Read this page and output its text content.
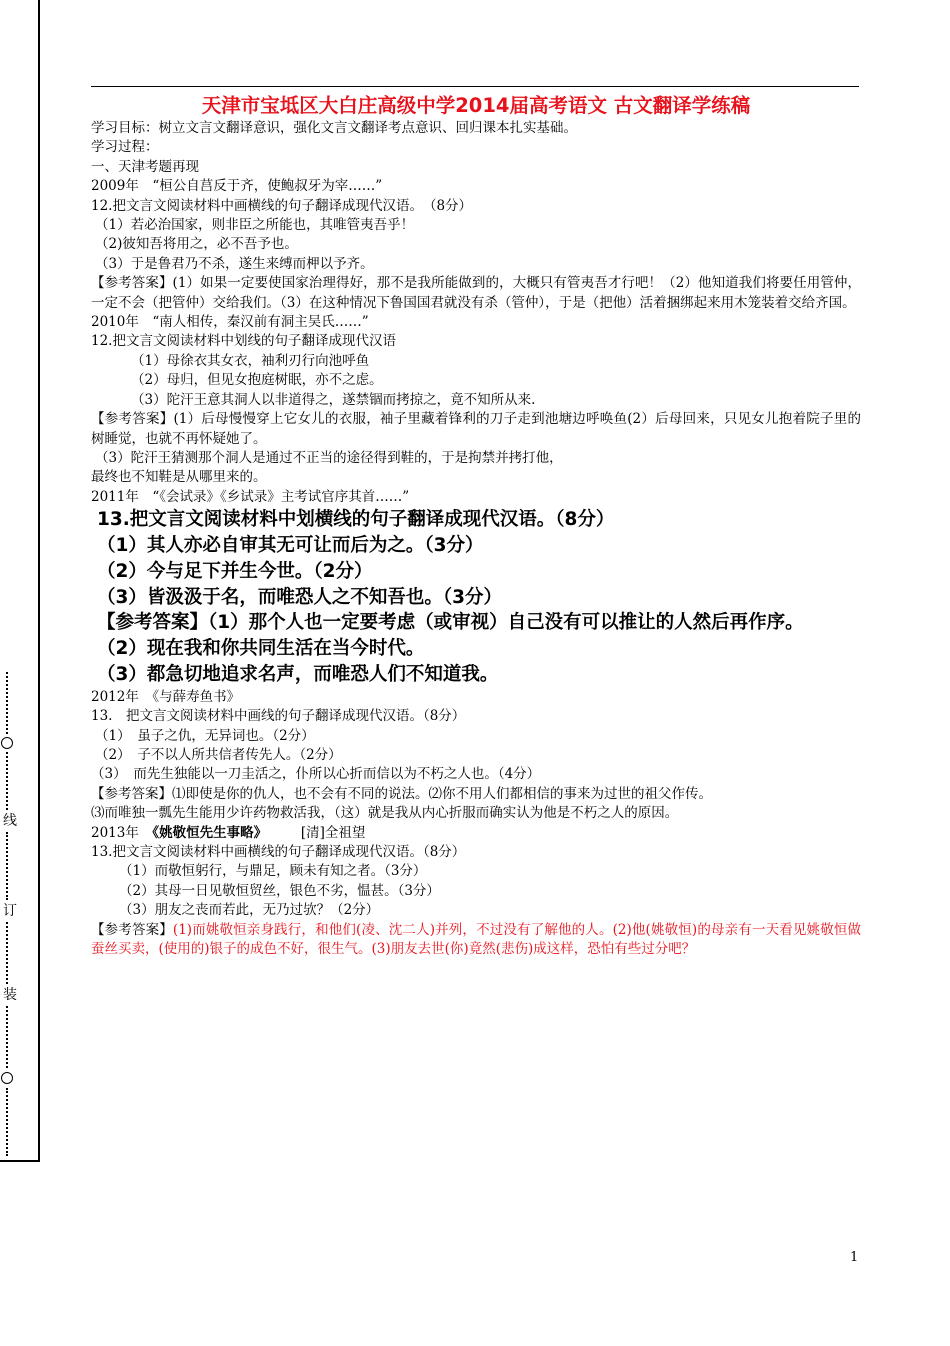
线
订
装
天津市宝坻区大白庄高级中学2014届高考语文 古文翻译学练稿
学习目标：树立文言文翻译意识，强化文言文翻译考点意识、回归课本扎实基础。
学习过程：
一、天津考题再现
2009年　“桓公自莒反于齐，使鲍叔牙为宰……”
12.把文言文阅读材料中画横线的句子翻译成现代汉语。　（8分）
（1）若必治国家，则非臣之所能也，其唯管夷吾乎！
（2)彼知吾将用之，必不吾予也。
（3）于是鲁君乃不杀，遂生来缚而柙以予齐。
【参考答案】(1）如果一定要使国家治理得好，那不是我所能做到的，大概只有管夷吾才行吧！（2）他知道我们将要任用管仲，一定不会（把管仲）交给我们。（3）在这种情况下鲁国国君就没有杀（管仲），于是（把他）活着捆绑起来用木笼装着交给齐国。
2010年　“南人相传，秦汉前有洞主吴氏……”
12.把文言文阅读材料中划线的句子翻译成现代汉语
（1）母徐衣其女衣，袖利刃行向池呼鱼
（2）母归，但见女抱庭树眠，亦不之虑。
（3）陀汗王意其洞人以非道得之，遂禁锢而拷掠之，竟不知所从来.
【参考答案】(1）后母慢慢穿上它女儿的衣服，袖子里藏着锋利的刀子走到池塘边呼唤鱼(2）后母回来，只见女儿抱着院子里的树睡觉，也就不再怀疑她了。
（3）陀汗王猜测那个洞人是通过不正当的途径得到鞋的，于是拘禁并拷打他，
最终也不知鞋是从哪里来的。
2011年　“《会试录》《乡试录》主考试官序其首……”
13.把文言文阅读材料中划横线的句子翻译成现代汉语。（8分）
（1）其人亦必自审其无可让而后为之。（3分）
（2）今与足下并生今世。（2分）
（3）皆汲汲于名，而唯恐人之不知吾也。（3分）
【参考答案】（1）那个人也一定要考虑（或审视）自己没有可以推让的人然后再作序。
（2）现在我和你共同生活在当今时代。
（3）都急切地追求名声，而唯恐人们不知道我。
2012年　《与薛寿鱼书》
13.　把文言文阅读材料中画线的句子翻译成现代汉语。（8分）
（1）　虽子之仇，无异词也。（2分）
（2）　子不以人所共信者传先人。（2分）
（3）　而先生独能以一刀圭活之，仆所以心折而信以为不朽之人也。（4分）
【参考答案】⑴即使是你的仇人，也不会有不同的说法。⑵你不用人们都相信的事来为过世的祖父作传。
⑶而唯独一瓢先生能用少许药物救活我，（这）就是我从内心折服而确实认为他是不朽之人的原因。
2013年　《姚敬恒先生事略》　　　[清]全祖望
13.把文言文阅读材料中画横线的句子翻译成现代汉语。（8分）
（1）而敬恒躬行，与鼎足，顾未有知之者。（3分）
（2）其母一日见敬恒贸丝，银色不劣，愠甚。（3分）
（3）朋友之丧而若此，无乃过欤？（2分）
【参考答案】(1)而姚敬恒亲身践行，和他们(凌、沈二人)并列，不过没有了解他的人。(2)他(姚敬恒)的母亲有一天看见姚敬恒做蚕丝买卖，(使用的)银子的成色不好，很生气。(3)朋友去世(你)竟然(悲伤)成这样，恐怕有些过分吧？
1
